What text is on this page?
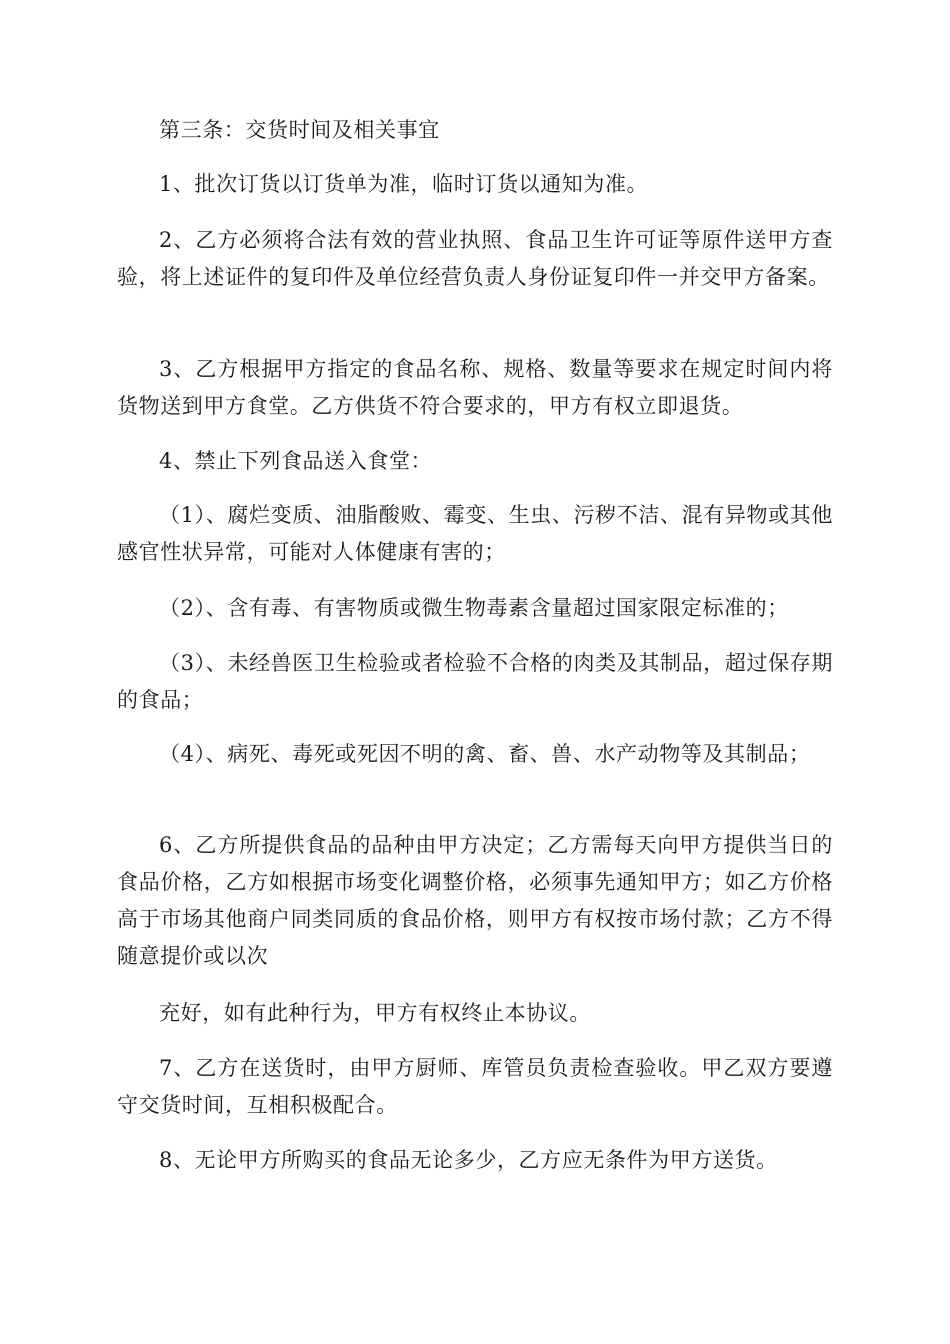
第三条：交货时间及相关事宜

1、批次订货以订货单为准，临时订货以通知为准。

2、乙方必须将合法有效的营业执照、食品卫生许可证等原件送甲方查验，将上述证件的复印件及单位经营负责人身份证复印件一并交甲方备案。

3、乙方根据甲方指定的食品名称、规格、数量等要求在规定时间内将货物送到甲方食堂。乙方供货不符合要求的，甲方有权立即退货。

4、禁止下列食品送入食堂：

（1）、腐烂变质、油脂酸败、霉变、生虫、污秽不洁、混有异物或其他感官性状异常，可能对人体健康有害的；

（2）、含有毒、有害物质或微生物毒素含量超过国家限定标准的；

（3）、未经兽医卫生检验或者检验不合格的肉类及其制品，超过保存期的食品；

（4）、病死、毒死或死因不明的禽、畜、兽、水产动物等及其制品；

6、乙方所提供食品的品种由甲方决定；乙方需每天向甲方提供当日的食品价格，乙方如根据市场变化调整价格，必须事先通知甲方；如乙方价格高于市场其他商户同类同质的食品价格，则甲方有权按市场付款；乙方不得随意提价或以次

充好，如有此种行为，甲方有权终止本协议。

7、乙方在送货时，由甲方厨师、库管员负责检查验收。甲乙双方要遵守交货时间，互相积极配合。

8、无论甲方所购买的食品无论多少，乙方应无条件为甲方送货。
